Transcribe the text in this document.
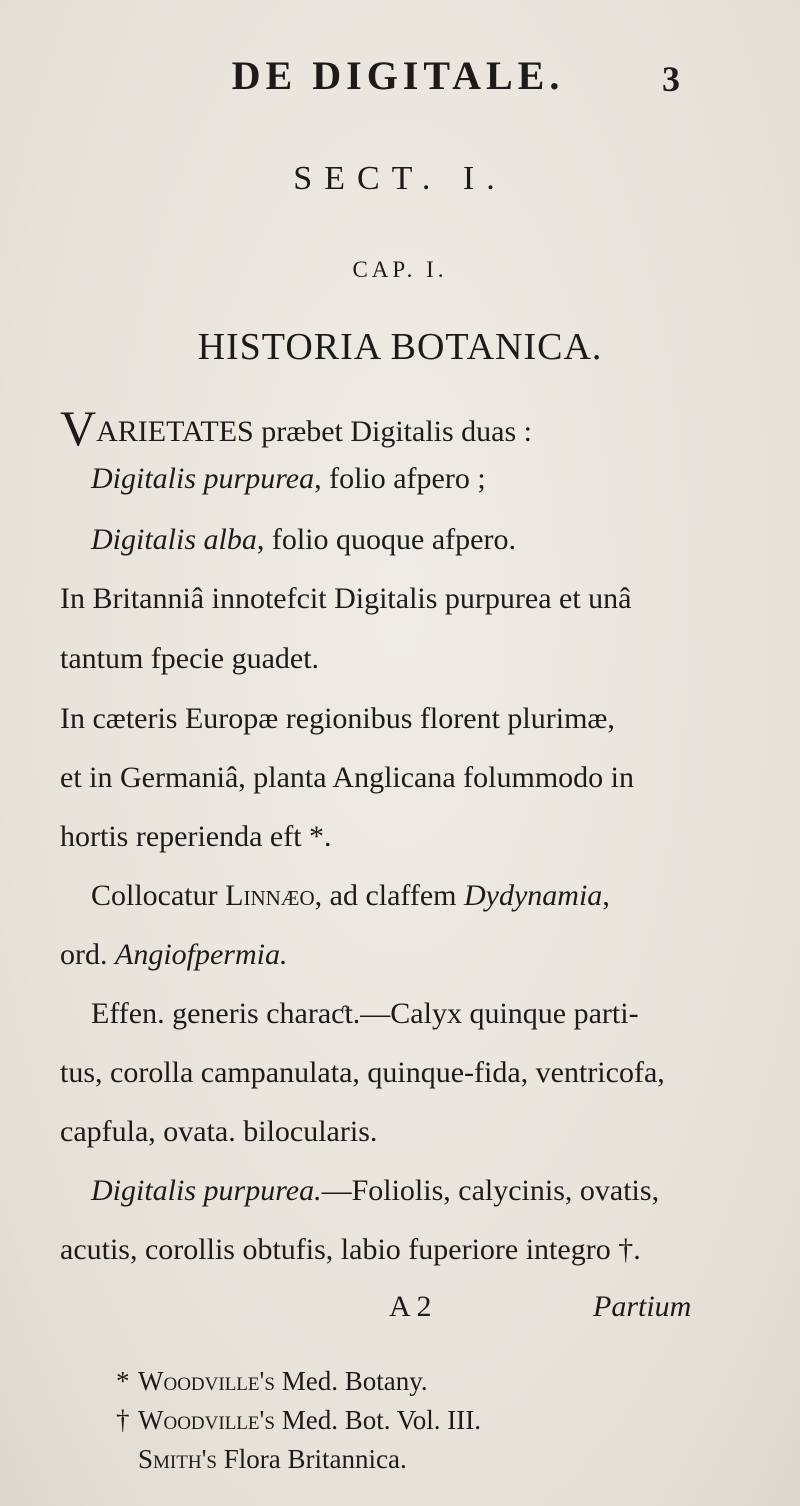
DE DIGITALE.	3
SECT. I.
CAP. I.
HISTORIA BOTANICA.
VARIETATES præbet Digitalis duas :
Digitalis purpurea, folio afpero ;
Digitalis alba, folio quoque afpero.
In Britanniâ innotefcit Digitalis purpurea et unâ
tantum fpecie guadet.
In cæteris Europæ regionibus florent plurimæ,
et in Germaniâ, planta Anglicana folummodo in
hortis reperienda eft *.
Collocatur Linnæo, ad claffem Dydynamia,
ord. Angiofpermia.
Effen. generis charaƈt.—Calyx quinque parti-
tus, corolla campanulata, quinque-fida, ventricofa,
capfula, ovata. bilocularis.
Digitalis purpurea.—Foliolis, calycinis, ovatis,
acutis, corollis obtufis, labio fuperiore integro †.
A 2	Partium
* Woodville's Med. Botany.
† Woodville's Med. Bot. Vol. III.
Smith's Flora Britannica.
